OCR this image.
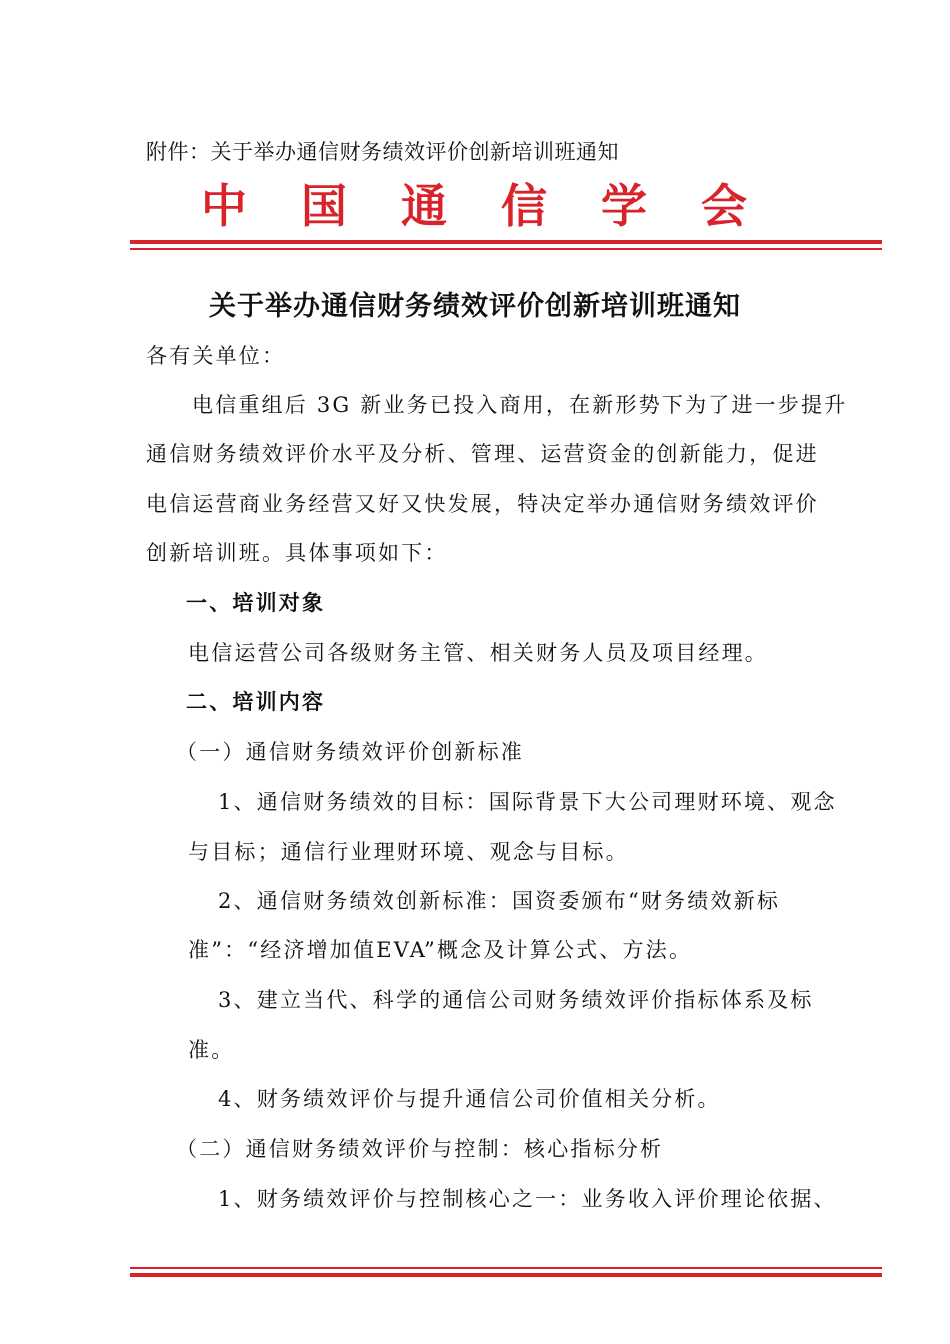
附件：关于举办通信财务绩效评价创新培训班通知
中 国 通 信 学 会
关于举办通信财务绩效评价创新培训班通知
各有关单位：
电信重组后 3G 新业务已投入商用，在新形势下为了进一步提升
通信财务绩效评价水平及分析、管理、运营资金的创新能力，促进
电信运营商业务经营又好又快发展，特决定举办通信财务绩效评价
创新培训班。具体事项如下：
一、培训对象
电信运营公司各级财务主管、相关财务人员及项目经理。
二、培训内容
（一）通信财务绩效评价创新标准
1、通信财务绩效的目标：国际背景下大公司理财环境、观念
与目标；通信行业理财环境、观念与目标。
2、通信财务绩效创新标准：国资委颁布“财务绩效新标
准”：“经济增加值EVA”概念及计算公式、方法。
3、建立当代、科学的通信公司财务绩效评价指标体系及标
准。
4、财务绩效评价与提升通信公司价值相关分析。
（二）通信财务绩效评价与控制：核心指标分析
1、财务绩效评价与控制核心之一：业务收入评价理论依据、
